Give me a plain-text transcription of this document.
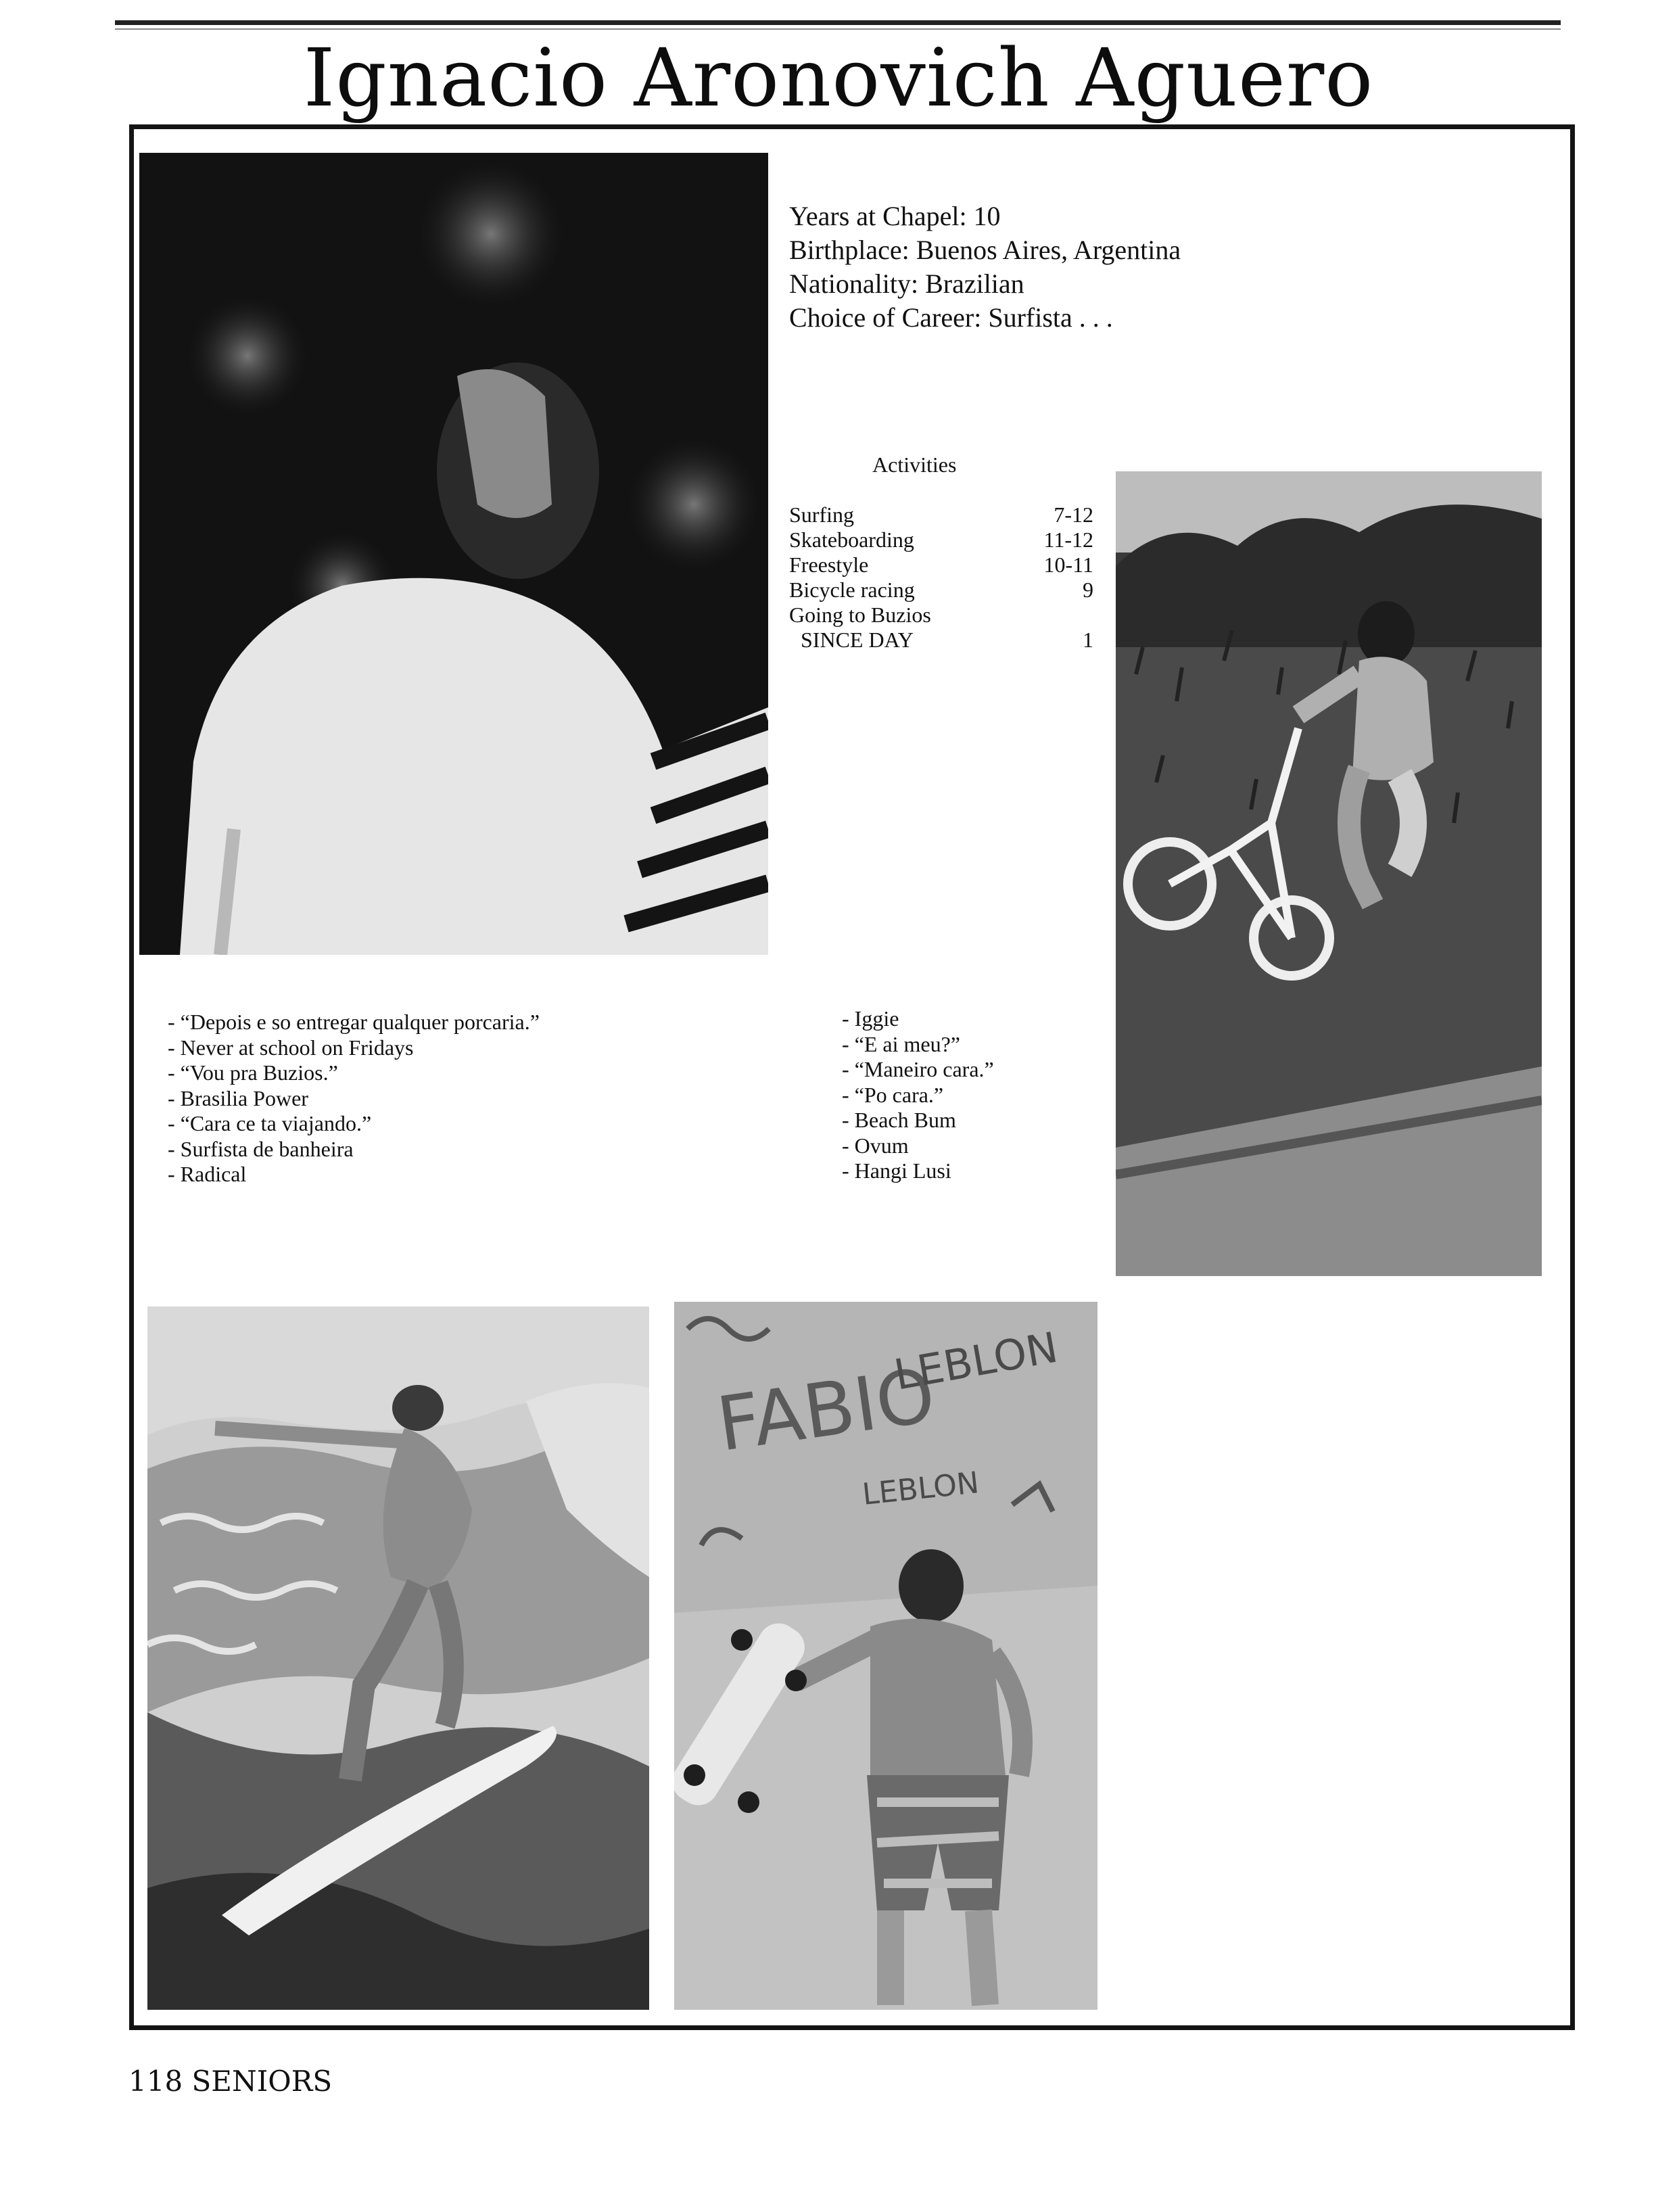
Ignacio Aronovich Aguero
Years at Chapel: 10
Birthplace: Buenos Aires, Argentina
Nationality: Brazilian
Choice of Career: Surfista . . .
Activities
Surfing	7-12
Skateboarding	11-12
Freestyle	10-11
Bicycle racing	9
Going to Buzios
SINCE DAY	1
- “Depois e so entregar qualquer porcaria.”
- Never at school on Fridays
- “Vou pra Buzios.”
- Brasilia Power
- “Cara ce ta viajando.”
- Surfista de banheira
- Radical
- Iggie
- “E ai meu?”
- “Maneiro cara.”
- “Po cara.”
- Beach Bum
- Ovum
- Hangi Lusi
FABIO
LEBLON
LEBLON
118 SENIORS
